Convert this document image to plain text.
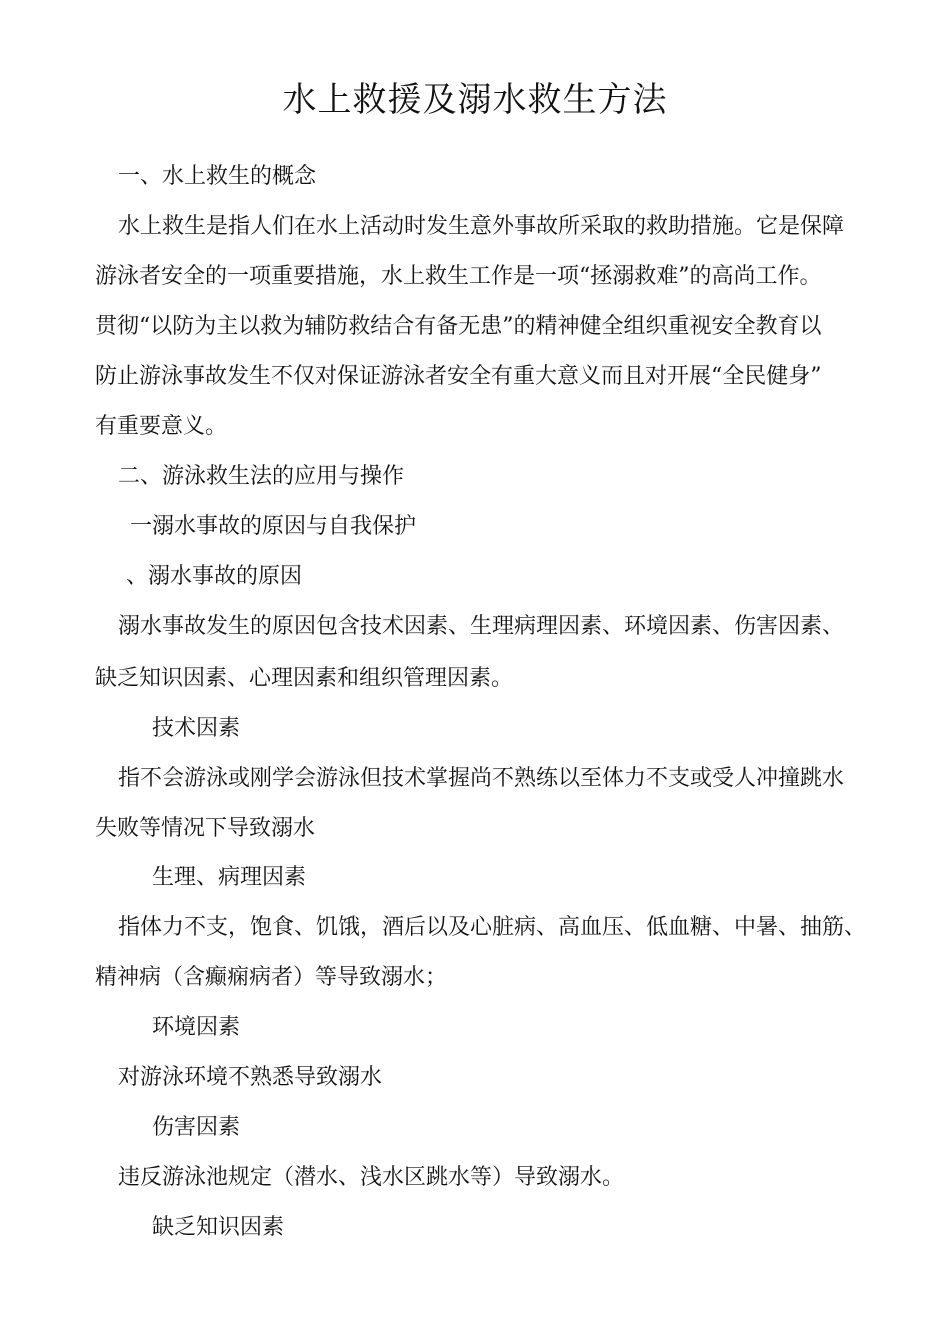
水上救援及溺水救生方法
一、水上救生的概念
水上救生是指人们在水上活动时发生意外事故所采取的救助措施。它是保障
游泳者安全的一项重要措施，水上救生工作是一项“拯溺救难”的高尚工作。
贯彻“以防为主以救为辅防救结合有备无患”的精神健全组织重视安全教育以
防止游泳事故发生不仅对保证游泳者安全有重大意义而且对开展“全民健身”
有重要意义。
二、游泳救生法的应用与操作
一溺水事故的原因与自我保护
、溺水事故的原因
溺水事故发生的原因包含技术因素、生理病理因素、环境因素、伤害因素、
缺乏知识因素、心理因素和组织管理因素。
技术因素
指不会游泳或刚学会游泳但技术掌握尚不熟练以至体力不支或受人冲撞跳水
失败等情况下导致溺水
生理、病理因素
指体力不支，饱食、饥饿，酒后以及心脏病、高血压、低血糖、中暑、抽筋、
精神病（含癫痫病者）等导致溺水；
环境因素
对游泳环境不熟悉导致溺水
伤害因素
违反游泳池规定（潜水、浅水区跳水等）导致溺水。
缺乏知识因素
